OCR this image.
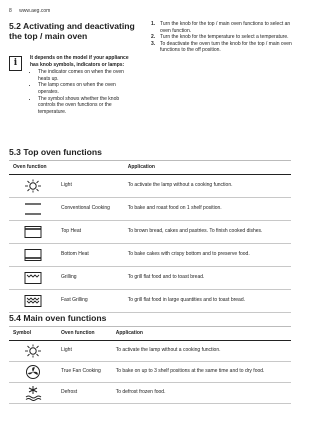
8 www.aeg.com
5.2 Activating and deactivating the top / main oven
i	It depends on the model if your appliance has knob symbols, indicators or lamps:
• The indicator comes on when the oven heats up.
• The lamp comes on when the oven operates.
• The symbol shows whether the knob controls the oven functions or the temperature.
1. Turn the knob for the top / main oven functions to select an oven function.
2. Turn the knob for the temperature to select a temperature.
3. To deactivate the oven turn the knob for the top / main oven functions to the off position.
5.3 Top oven functions
Oven function		Application

	Light	To activate the lamp without a cooking function.

	Conventional Cooking	To bake and roast food on 1 shelf position.

	Top Heat	To brown bread, cakes and pastries. To finish cooked dishes.

	Bottom Heat	To bake cakes with crispy bottom and to preserve food.

	Grilling	To grill flat food and to toast bread.

	Fast Grilling	To grill flat food in large quantities and to toast bread.
5.4 Main oven functions
Symbol	Oven function	Application

	Light	To activate the lamp without a cooking function.

	True Fan Cooking	To bake on up to 3 shelf positions at the same time and to dry food.

	Defrost	To defrost frozen food.
